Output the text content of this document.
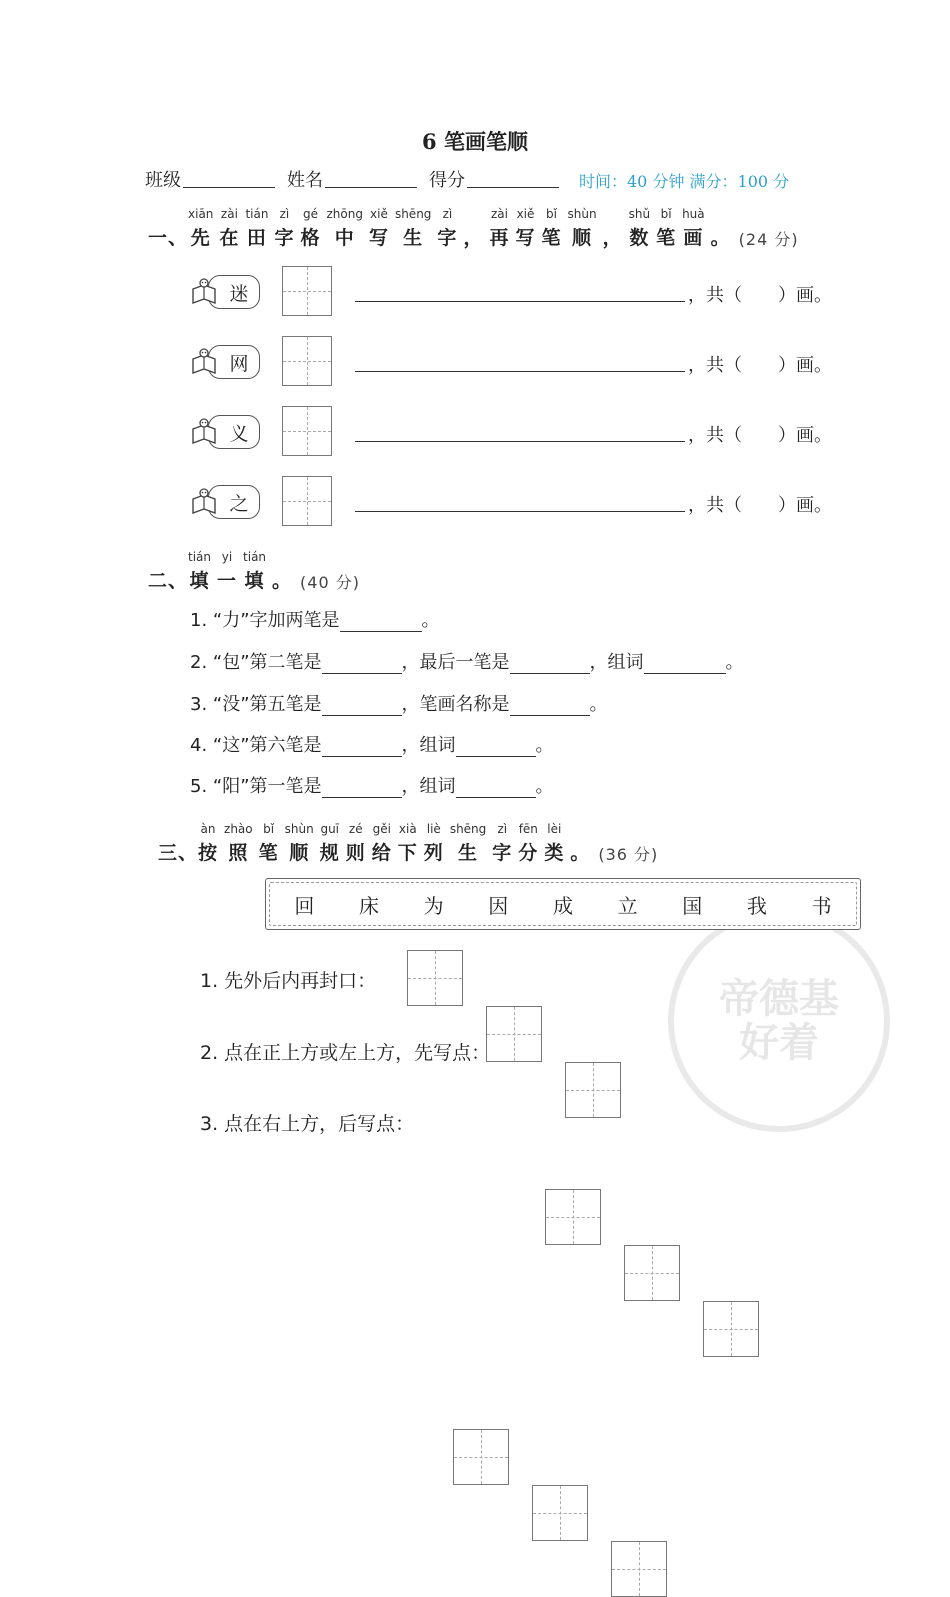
6 笔画笔顺
班级	姓名	得分	时间：40 分钟 满分：100 分
一、
xiān
先
zài
在
tián
田
zì
字
gé
格
zhōng
中
xiě
写
shēng
生
zì
字 ，
zài
再
xiě
写
bǐ
笔
shùn
顺 ，
shǔ
数
bǐ
笔
huà
画 。 (24 分)
迷	，共（　　）画。
网	，共（　　）画。
义	，共（　　）画。
之	，共（　　）画。
二、
tián
填
yi
一
tián
填 。 (40 分)
1. “力”字加两笔是	。
2. “包”第二笔是	，最后一笔是	，组词	。
3. “没”第五笔是	，笔画名称是	。
4. “这”第六笔是	，组词	。
5. “阳”第一笔是	，组词	。
三、
àn
按
zhào
照
bǐ
笔
shùn
顺
guī
规
zé
则
gěi
给
xià
下
liè
列
shēng
生
zì
字
fēn
分
lèi
类 。 (36 分)
帝德基
好着
回 床 为 因 成 立 国 我 书
1. 先外后内再封口：
2. 点在正上方或左上方，先写点：
3. 点在右上方，后写点：
